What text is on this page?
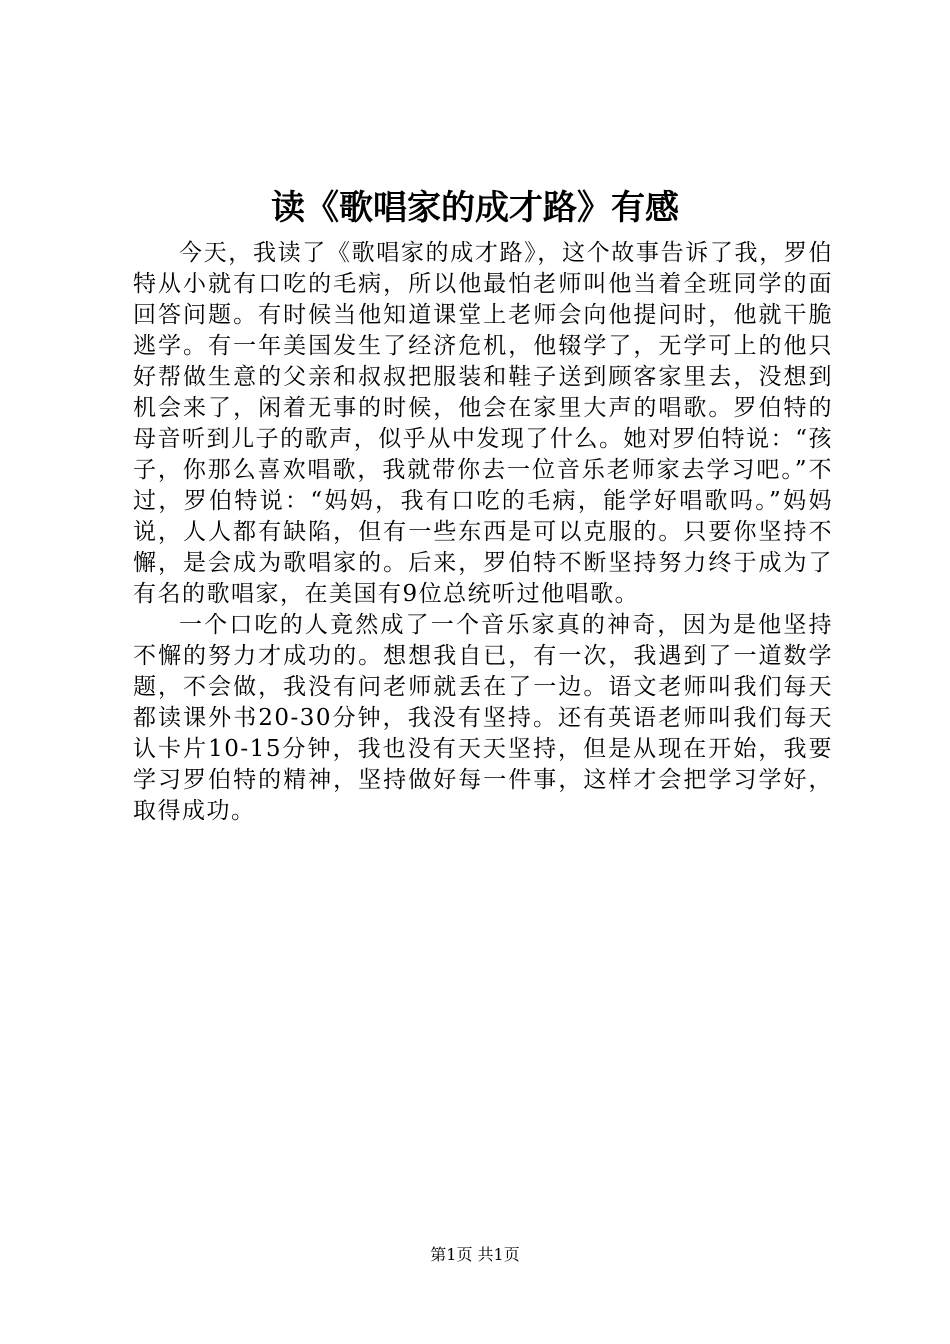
读《歌唱家的成才路》有感

今天，我读了《歌唱家的成才路》，这个故事告诉了我，罗伯特从小就有口吃的毛病，所以他最怕老师叫他当着全班同学的面回答问题。有时候当他知道课堂上老师会向他提问时，他就干脆逃学。有一年美国发生了经济危机，他辍学了，无学可上的他只好帮做生意的父亲和叔叔把服装和鞋子送到顾客家里去，没想到机会来了，闲着无事的时候，他会在家里大声的唱歌。罗伯特的母音听到儿子的歌声，似乎从中发现了什么。她对罗伯特说：“孩子，你那么喜欢唱歌，我就带你去一位音乐老师家去学习吧。”不过，罗伯特说：“妈妈，我有口吃的毛病，能学好唱歌吗。”妈妈说，人人都有缺陷，但有一些东西是可以克服的。只要你坚持不懈，是会成为歌唱家的。后来，罗伯特不断坚持努力终于成为了有名的歌唱家，在美国有9位总统听过他唱歌。

一个口吃的人竟然成了一个音乐家真的神奇，因为是他坚持不懈的努力才成功的。想想我自已，有一次，我遇到了一道数学题，不会做，我没有问老师就丢在了一边。语文老师叫我们每天都读课外书20-30分钟，我没有坚持。还有英语老师叫我们每天认卡片10-15分钟，我也没有天天坚持，但是从现在开始，我要学习罗伯特的精神，坚持做好每一件事，这样才会把学习学好，取得成功。

第1页 共1页
